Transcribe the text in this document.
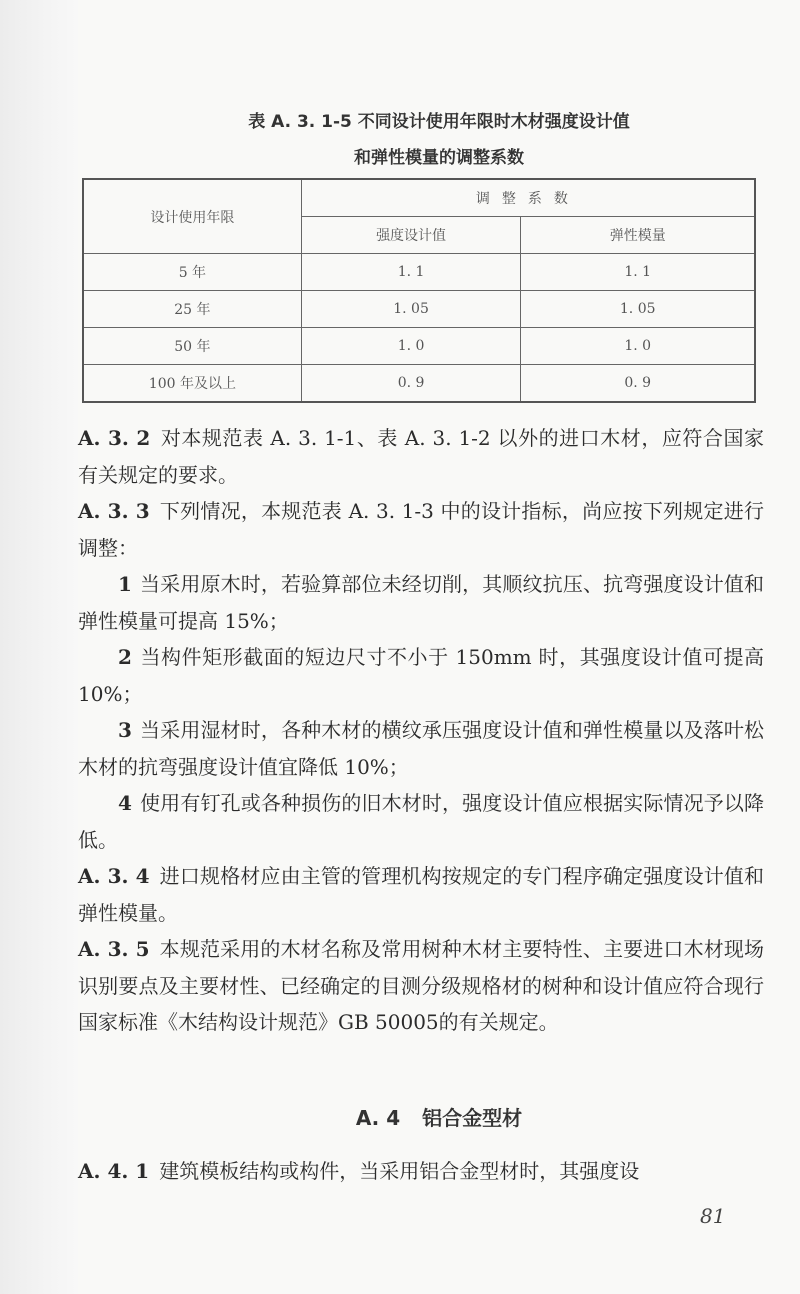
表 A. 3. 1-5 不同设计使用年限时木材强度设计值
和弹性模量的调整系数
设计使用年限	调整系数	
	强度设计值	弹性模量
5 年	1. 1	1. 1
25 年	1. 05	1. 05
50 年	1. 0	1. 0
100 年及以上	0. 9	0. 9

A. 3. 2 对本规范表 A. 3. 1-1、表 A. 3. 1-2 以外的进口木材，应符合国家有关规定的要求。

A. 3. 3 下列情况，本规范表 A. 3. 1-3 中的设计指标，尚应按下列规定进行调整：

1 当采用原木时，若验算部位未经切削，其顺纹抗压、抗弯强度设计值和弹性模量可提高 15%；

2 当构件矩形截面的短边尺寸不小于 150mm 时，其强度设计值可提高 10%；

3 当采用湿材时，各种木材的横纹承压强度设计值和弹性模量以及落叶松木材的抗弯强度设计值宜降低 10%；

4 使用有钉孔或各种损伤的旧木材时，强度设计值应根据实际情况予以降低。

A. 3. 4 进口规格材应由主管的管理机构按规定的专门程序确定强度设计值和弹性模量。

A. 3. 5 本规范采用的木材名称及常用树种木材主要特性、主要进口木材现场识别要点及主要材性、已经确定的目测分级规格材的树种和设计值应符合现行国家标准《木结构设计规范》GB 50005的有关规定。

A. 4 铝合金型材
A. 4. 1 建筑模板结构或构件，当采用铝合金型材时，其强度设
81
